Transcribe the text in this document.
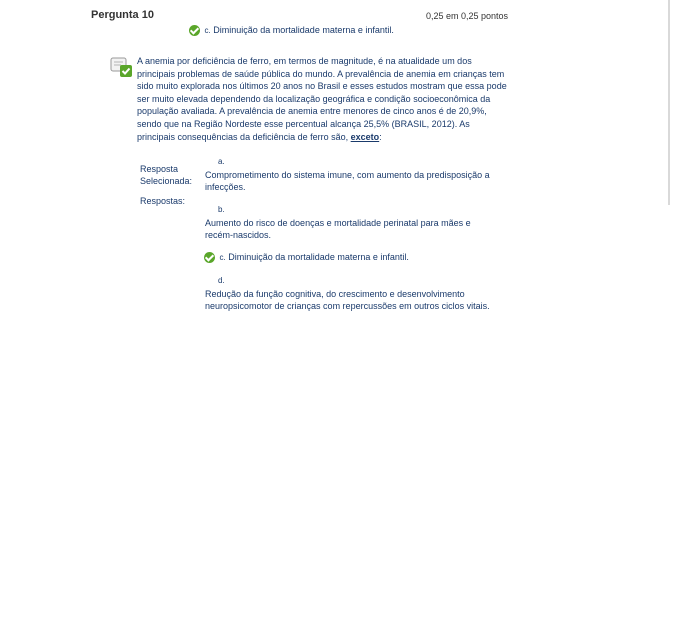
Pergunta 10	0,25 em 0,25 pontos
c. Diminuição da mortalidade materna e infantil.
A anemia por deficiência de ferro, em termos de magnitude, é na atualidade um dos principais problemas de saúde pública do mundo. A prevalência de anemia em crianças tem sido muito explorada nos últimos 20 anos no Brasil e esses estudos mostram que essa pode ser muito elevada dependendo da localização geográfica e condição socioeconômica da população avaliada. A prevalência de anemia entre menores de cinco anos é de 20,9%, sendo que na Região Nordeste esse percentual alcança 25,5% (BRASIL, 2012). As principais consequências da deficiência de ferro são, exceto:
Resposta
Selecionada:
Respostas:
a.
Comprometimento do sistema imune, com aumento da predisposição a infecções.
b.
Aumento do risco de doenças e mortalidade perinatal para mães e recém-nascidos.
c. Diminuição da mortalidade materna e infantil.
d.
Redução da função cognitiva, do crescimento e desenvolvimento neuropsicomotor de crianças com repercussões em outros ciclos vitais.
